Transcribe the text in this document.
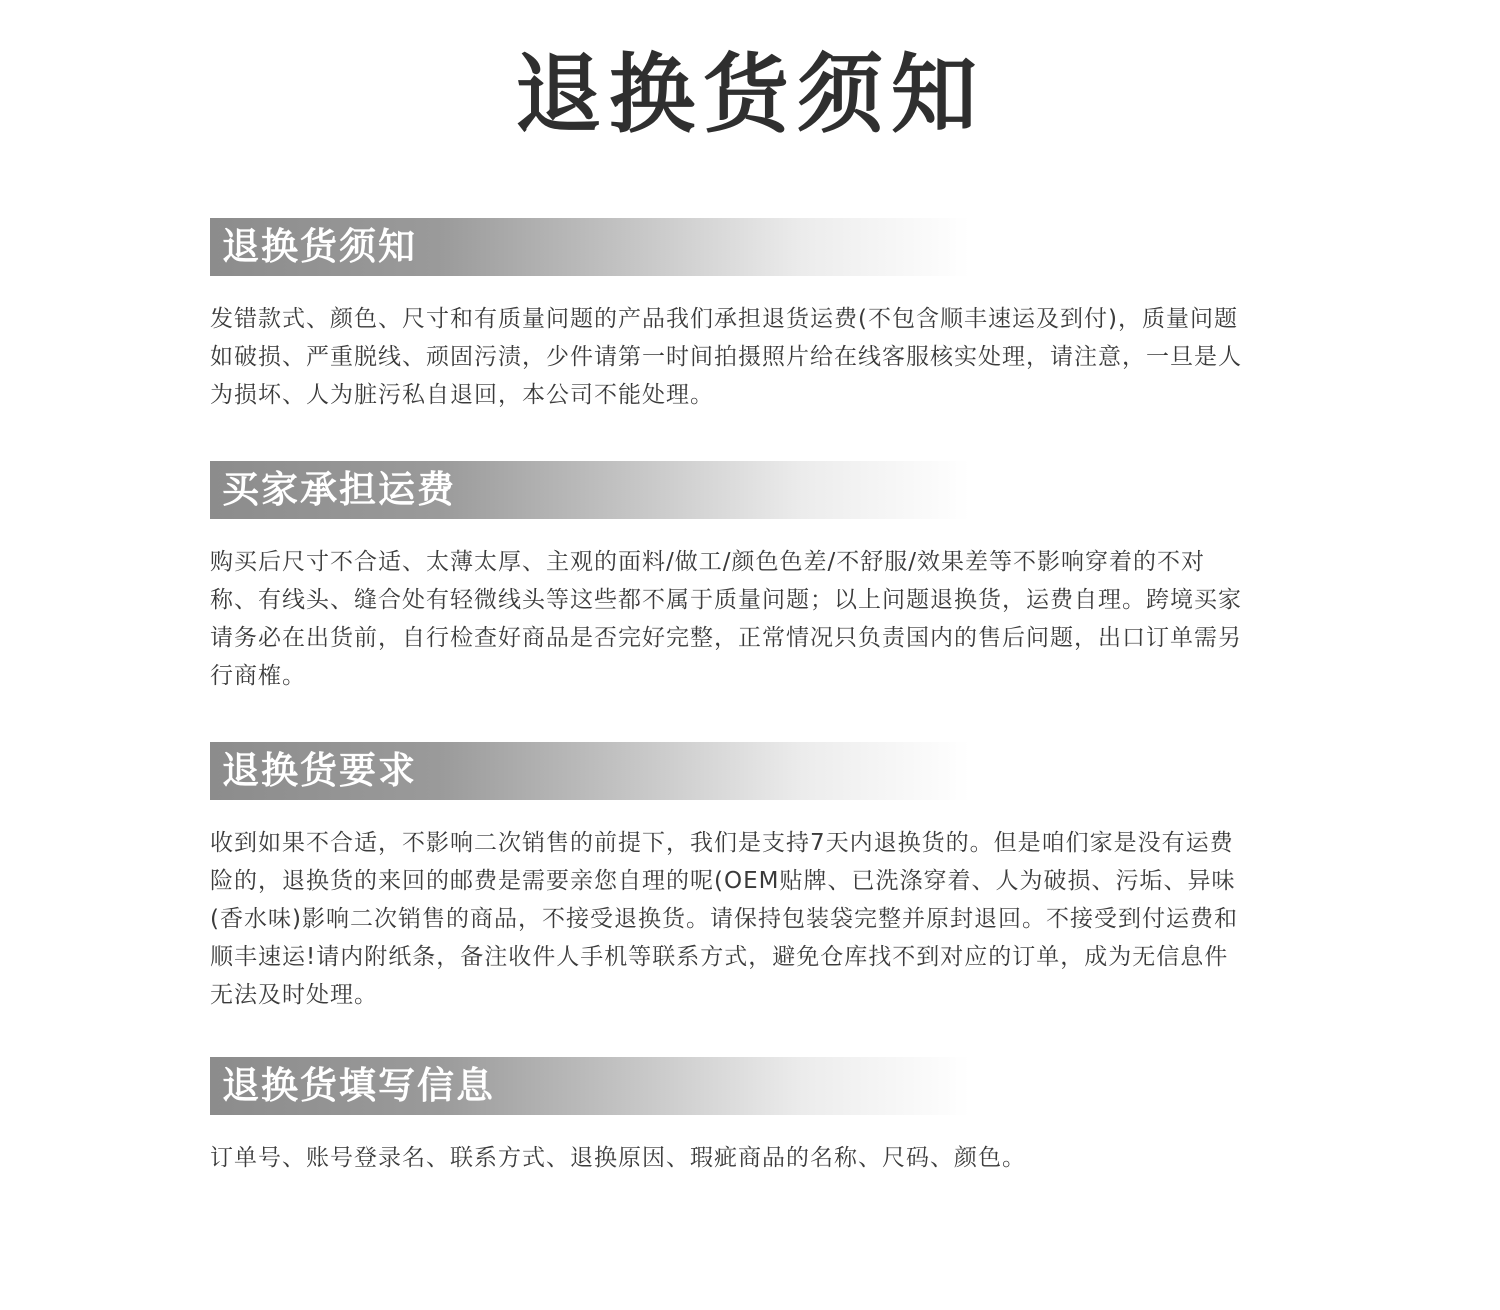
退换货须知
退换货须知

发错款式、颜色、尺寸和有质量问题的产品我们承担退货运费(不包含顺丰速运及到付)，质量问题如破损、严重脱线、顽固污渍，少件请第一时间拍摄照片给在线客服核实处理，请注意，一旦是人为损坏、人为脏污私自退回，本公司不能处理。

买家承担运费

购买后尺寸不合适、太薄太厚、主观的面料/做工/颜色色差/不舒服/效果差等不影响穿着的不对称、有线头、缝合处有轻微线头等这些都不属于质量问题；以上问题退换货，运费自理。跨境买家请务必在出货前，自行检查好商品是否完好完整，正常情况只负责国内的售后问题，出口订单需另行商榷。

退换货要求

收到如果不合适，不影响二次销售的前提下，我们是支持7天内退换货的。但是咱们家是没有运费险的，退换货的来回的邮费是需要亲您自理的呢(OEM贴牌、已洗涤穿着、人为破损、污垢、异味(香水味)影响二次销售的商品，不接受退换货。请保持包装袋完整并原封退回。不接受到付运费和顺丰速运!请内附纸条，备注收件人手机等联系方式，避免仓库找不到对应的订单，成为无信息件无法及时处理。

退换货填写信息

订单号、账号登录名、联系方式、退换原因、瑕疵商品的名称、尺码、颜色。
